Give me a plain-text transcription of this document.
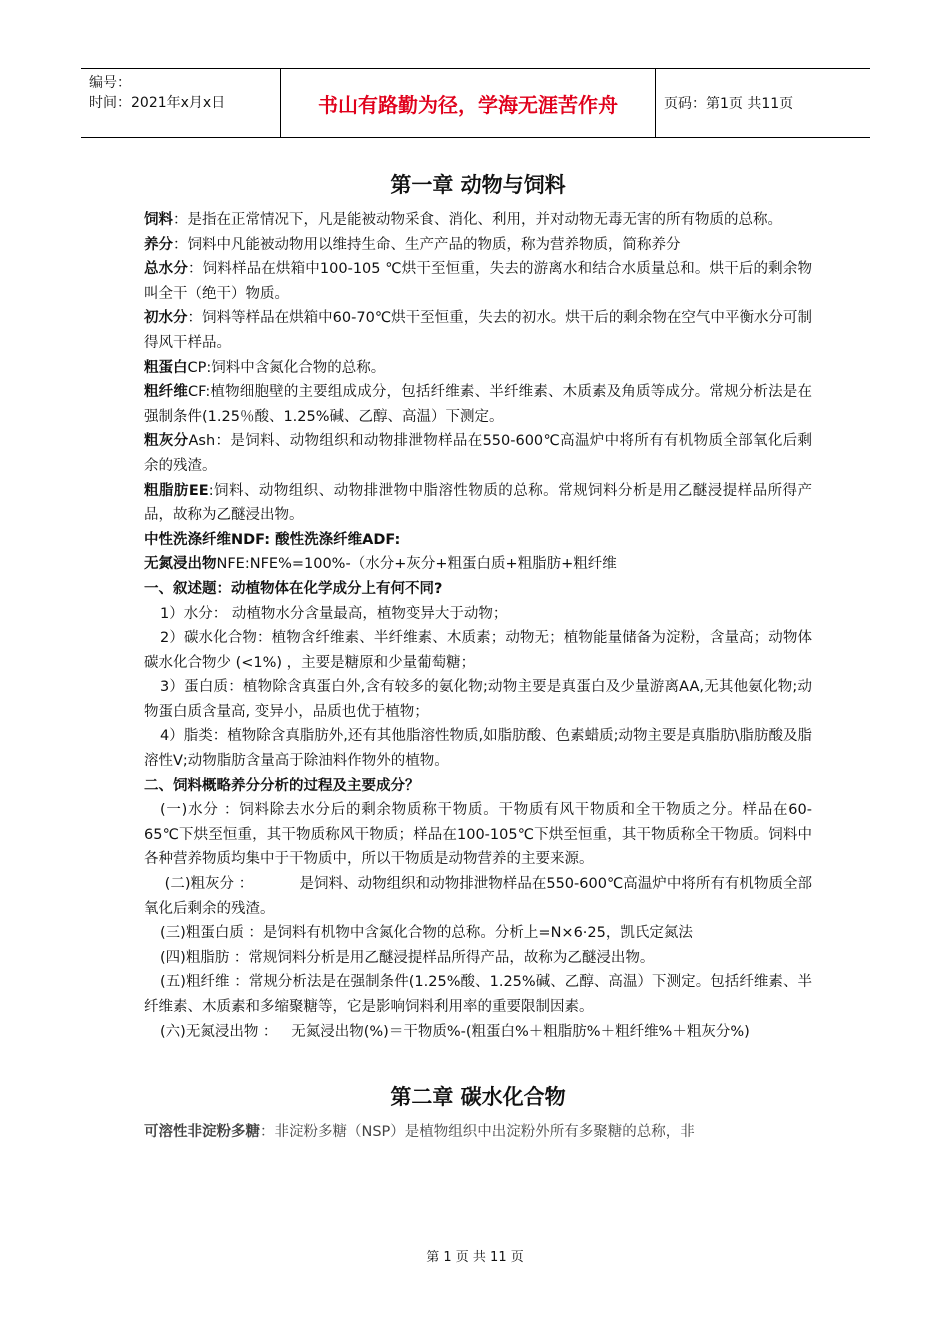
编号：
时间：2021年x月x日	书山有路勤为径，学海无涯苦作舟	页码：第1页 共11页
第一章 动物与饲料

饲料：是指在正常情况下，凡是能被动物采食、消化、利用，并对动物无毒无害的所有物质的总称。

养分：饲料中凡能被动物用以维持生命、生产产品的物质，称为营养物质，简称养分

总水分：饲料样品在烘箱中100-105 ℃烘干至恒重，失去的游离水和结合水质量总和。烘干后的剩余物叫全干（绝干）物质。

初水分：饲料等样品在烘箱中60-70℃烘干至恒重，失去的初水。烘干后的剩余物在空气中平衡水分可制得风干样品。

粗蛋白CP:饲料中含氮化合物的总称。

粗纤维CF:植物细胞壁的主要组成成分，包括纤维素、半纤维素、木质素及角质等成分。常规分析法是在强制条件(1.25％酸、1.25%碱、乙醇、高温）下测定。

粗灰分Ash：是饲料、动物组织和动物排泄物样品在550-600℃高温炉中将所有有机物质全部氧化后剩余的残渣。

粗脂肪EE:饲料、动物组织、动物排泄物中脂溶性物质的总称。常规饲料分析是用乙醚浸提样品所得产品，故称为乙醚浸出物。

中性洗涤纤维NDF: 酸性洗涤纤维ADF:

无氮浸出物NFE:NFE%=100%-（水分+灰分+粗蛋白质+粗脂肪+粗纤维

一、叙述题：动植物体在化学成分上有何不同?

1）水分： 动植物水分含量最高，植物变异大于动物；

2）碳水化合物：植物含纤维素、半纤维素、木质素；动物无；植物能量储备为淀粉，含量高；动物体碳水化合物少 (<1%) ，主要是糖原和少量葡萄糖；

3）蛋白质：植物除含真蛋白外,含有较多的氨化物;动物主要是真蛋白及少量游离AA,无其他氨化物;动物蛋白质含量高, 变异小，品质也优于植物；

4）脂类：植物除含真脂肪外,还有其他脂溶性物质,如脂肪酸、色素蜡质;动物主要是真脂肪\脂肪酸及脂溶性V;动物脂肪含量高于除油料作物外的植物。

二、饲料概略养分分析的过程及主要成分？

(一)水分 ：饲料除去水分后的剩余物质称干物质。干物质有风干物质和全干物质之分。样品在60-65℃下烘至恒重，其干物质称风干物质；样品在100-105℃下烘至恒重，其干物质称全干物质。饲料中各种营养物质均集中于干物质中，所以干物质是动物营养的主要来源。

(二)粗灰分 ：          是饲料、动物组织和动物排泄物样品在550-600℃高温炉中将所有有机物质全部氧化后剩余的残渣。

(三)粗蛋白质 ：是饲料有机物中含氮化合物的总称。分析上=N×6·25，凯氏定氮法

(四)粗脂肪 ：常规饲料分析是用乙醚浸提样品所得产品，故称为乙醚浸出物。

(五)粗纤维 ：常规分析法是在强制条件(1.25%酸、1.25%碱、乙醇、高温）下测定。包括纤维素、半纤维素、木质素和多缩聚糖等，它是影响饲料利用率的重要限制因素。

(六)无氮浸出物 ：   无氮浸出物(%)＝干物质%-(粗蛋白%＋粗脂肪%＋粗纤维%＋粗灰分%)

第二章 碳水化合物

可溶性非淀粉多糖：非淀粉多糖（NSP）是植物组织中出淀粉外所有多聚糖的总称，非

第 1 页 共 11 页
